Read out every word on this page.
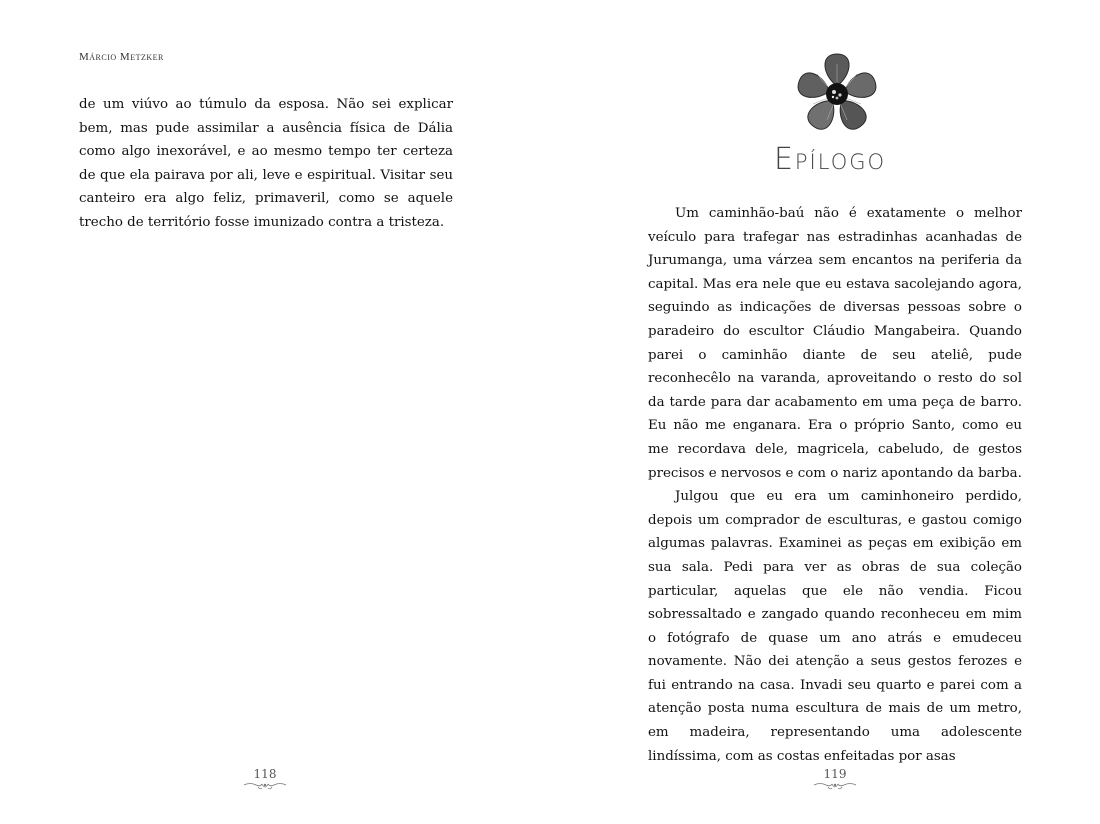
Márcio Metzker

de um viúvo ao túmulo da esposa. Não sei explicar bem, mas pude assimilar a ausência física de Dália como algo inexorável, e ao mesmo tempo ter certeza de que ela pairava por ali, leve e espiritual. Visitar seu canteiro era algo feliz, primaveril, como se aquele trecho de território fosse imunizado contra a tristeza.

118
Epílogo

Um caminhão-baú não é exatamente o melhor veículo para trafegar nas estradinhas acanhadas de Jurumanga, uma várzea sem encantos na periferia da capital. Mas era nele que eu estava sacolejando agora, seguindo as indicações de diversas pessoas sobre o paradeiro do escultor Cláudio Mangabeira. Quando parei o caminhão diante de seu ateliê, pude reconhecêlo na varanda, aproveitando o resto do sol da tarde para dar acabamento em uma peça de barro. Eu não me enganara. Era o próprio Santo, como eu me recordava dele, magricela, cabeludo, de gestos precisos e nervosos e com o nariz apontando da barba.

Julgou que eu era um caminhoneiro perdido, depois um comprador de esculturas, e gastou comigo algumas palavras. Examinei as peças em exibição em sua sala. Pedi para ver as obras de sua coleção particular, aquelas que ele não vendia. Ficou sobressaltado e zangado quando reconheceu em mim o fotógrafo de quase um ano atrás e emudeceu novamente. Não dei atenção a seus gestos ferozes e fui entrando na casa. Invadi seu quarto e parei com a atenção posta numa escultura de mais de um metro, em madeira, representando uma adolescente lindíssima, com as costas enfeitadas por asas

119
